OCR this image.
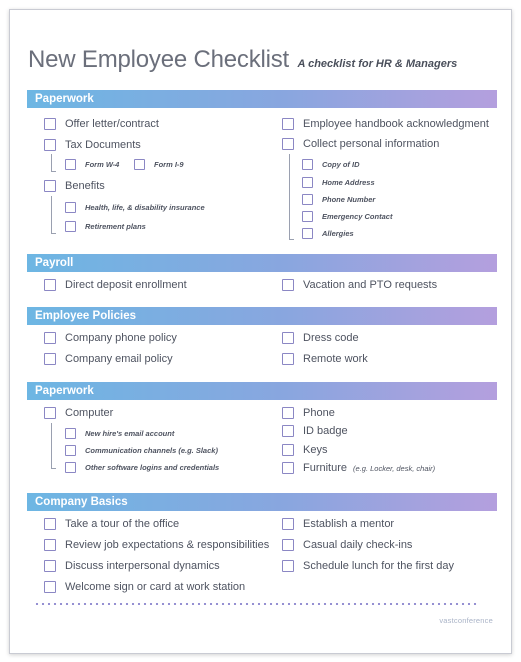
New Employee Checklist A checklist for HR & Managers
Paperwork
Offer letter/contract
Tax Documents
Form W-4	Form I-9
Benefits
Health, life, & disability insurance
Retirement plans
Employee handbook acknowledgment
Collect personal information
Copy of ID
Home Address
Phone Number
Emergency Contact
Allergies
Payroll
Direct deposit enrollment	Vacation and PTO requests
Employee Policies
Company phone policy
Company email policy
Dress code
Remote work
Paperwork
Computer
New hire's email account
Communication channels (e.g. Slack)
Other software logins and credentials
Phone
ID badge
Keys
Furniture (e.g. Locker, desk, chair)
Company Basics
Take a tour of the office
Review job expectations & responsibilities
Discuss interpersonal dynamics
Welcome sign or card at work station
Establish a mentor
Casual daily check-ins
Schedule lunch for the first day
vastconference
